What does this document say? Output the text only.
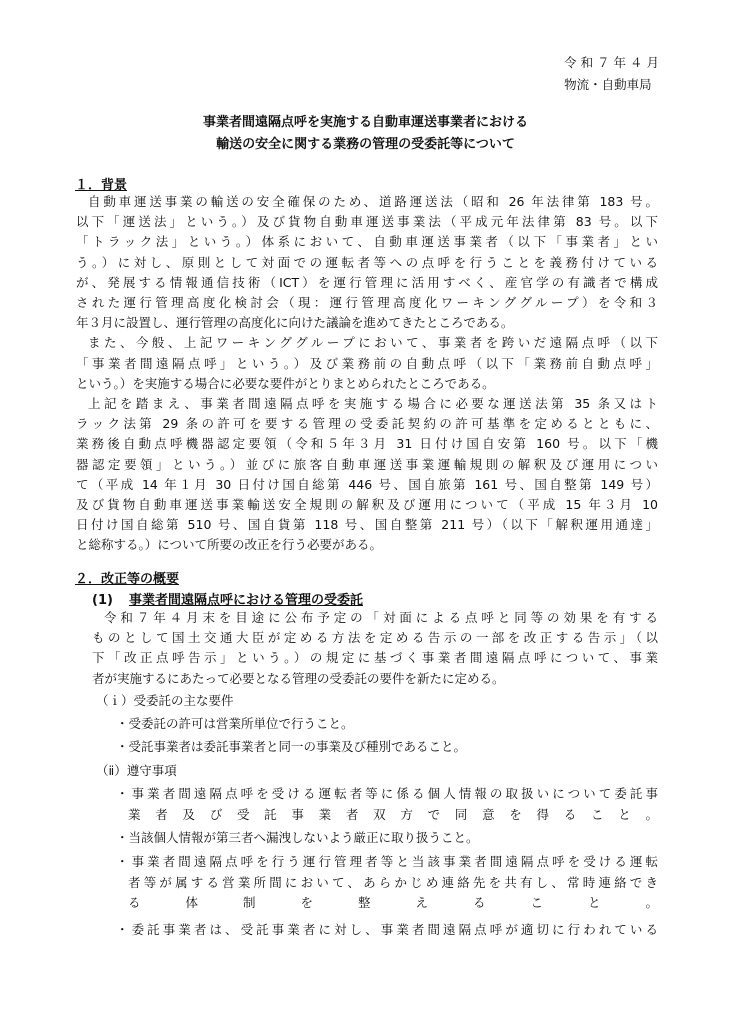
令 和 ７ 年 ４ 月
物流・自動車局
事業者間遠隔点呼を実施する自動車運送事業者における
輸送の安全に関する業務の管理の受委託等について
１．背景
自動車運送事業の輸送の安全確保のため、道路運送法（昭和 26 年法律第 183 号。
以下「運送法」という。）及び貨物自動車運送事業法（平成元年法律第 83 号。以下
「トラック法」という。）体系において、自動車運送事業者（以下「事業者」とい
う。）に対し、原則として対面での運転者等への点呼を行うことを義務付けている
が、発展する情報通信技術（ICT）を運行管理に活用すべく、産官学の有識者で構成
された運行管理高度化検討会（現：運行管理高度化ワーキンググループ）を令和３
年３月に設置し、運行管理の高度化に向けた議論を進めてきたところである。
また、今般、上記ワーキンググループにおいて、事業者を跨いだ遠隔点呼（以下
「事業者間遠隔点呼」という。）及び業務前の自動点呼（以下「業務前自動点呼」
という。）を実施する場合に必要な要件がとりまとめられたところである。
上記を踏まえ、事業者間遠隔点呼を実施する場合に必要な運送法第 35 条又はト
ラック法第 29 条の許可を要する管理の受委託契約の許可基準を定めるとともに、
業務後自動点呼機器認定要領（令和５年３月 31 日付け国自安第 160 号。以下「機
器認定要領」という。）並びに旅客自動車運送事業運輸規則の解釈及び運用につい
て（平成 14 年１月 30 日付け国自総第 446 号、国自旅第 161 号、国自整第 149 号）
及び貨物自動車運送事業輸送安全規則の解釈及び運用について（平成 15 年３月 10
日付け国自総第 510 号、国自貨第 118 号、国自整第 211 号）（以下「解釈運用通達」
と総称する。）について所要の改正を行う必要がある。
２．改正等の概要
(1) 事業者間遠隔点呼における管理の受委託
令和７年４月末を目途に公布予定の「対面による点呼と同等の効果を有する
ものとして国土交通大臣が定める方法を定める告示の一部を改正する告示」（以
下「改正点呼告示」という。）の規定に基づく事業者間遠隔点呼について、事業
者が実施するにあたって必要となる管理の受委託の要件を新たに定める。
（ｉ）受委託の主な要件
・受委託の許可は営業所単位で行うこと。
・受託事業者は委託事業者と同一の事業及び種別であること。
（ⅱ）遵守事項
・事業者間遠隔点呼を受ける運転者等に係る個人情報の取扱いについて委託事
業者及び受託事業者双方で同意を得ること。
・当該個人情報が第三者へ漏洩しないよう厳正に取り扱うこと。
・事業者間遠隔点呼を行う運行管理者等と当該事業者間遠隔点呼を受ける運転
者等が属する営業所間において、あらかじめ連絡先を共有し、常時連絡でき
る体制を整えること。
・委託事業者は、受託事業者に対し、事業者間遠隔点呼が適切に行われている
